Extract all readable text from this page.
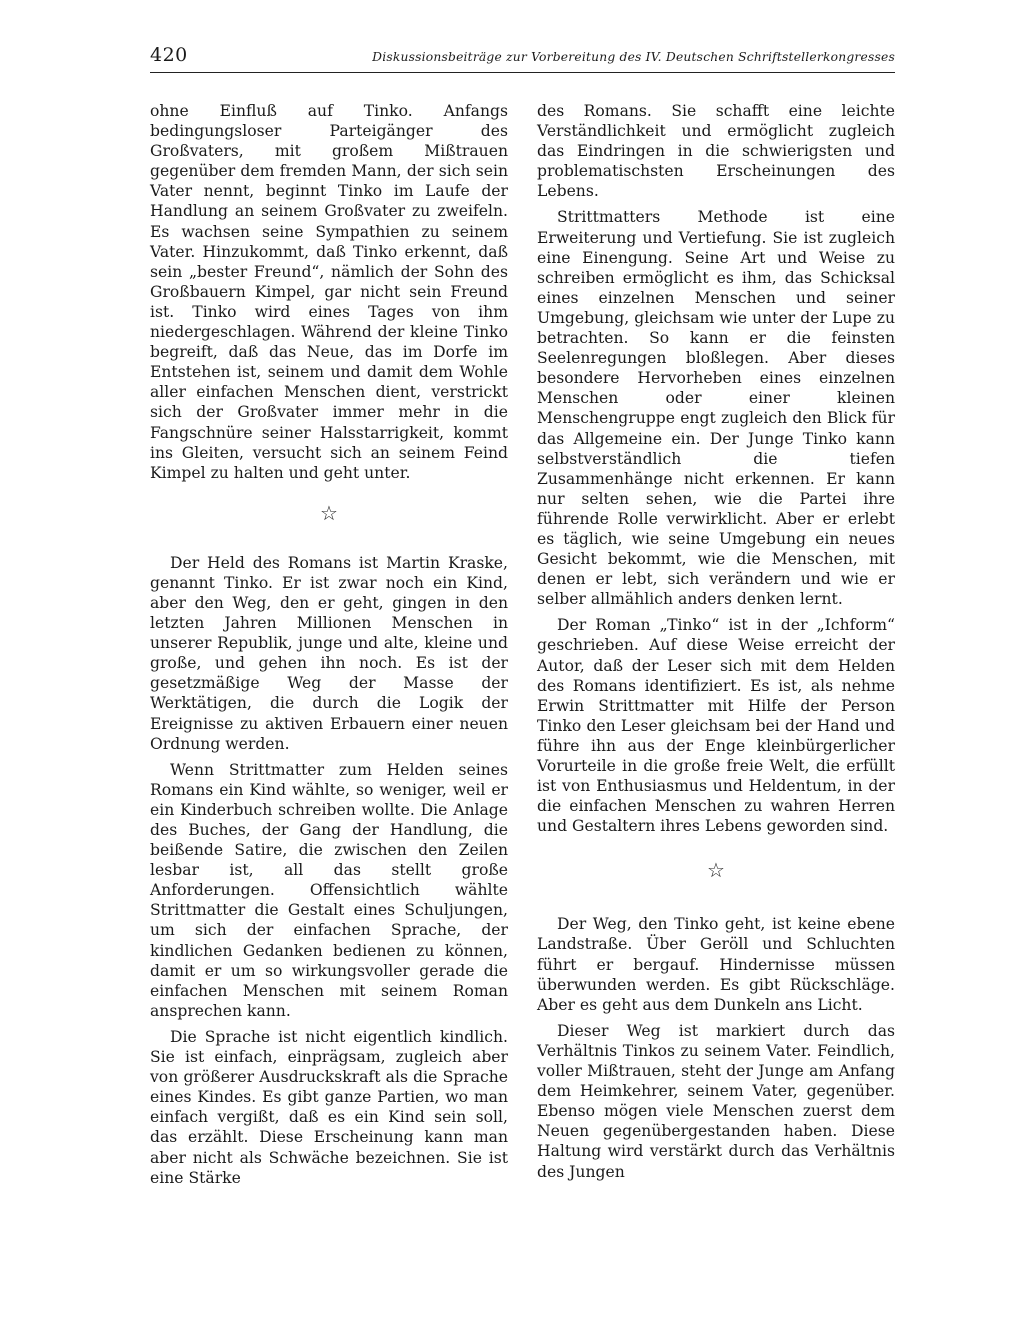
420	Diskussionsbeiträge zur Vorbereitung des IV. Deutschen Schriftstellerkongresses

ohne Einfluß auf Tinko. Anfangs bedingungsloser Parteigänger des Großvaters, mit großem Mißtrauen gegenüber dem fremden Mann, der sich sein Vater nennt, beginnt Tinko im Laufe der Handlung an seinem Großvater zu zweifeln. Es wachsen seine Sympathien zu seinem Vater. Hinzukommt, daß Tinko erkennt, daß sein „bester Freund“, nämlich der Sohn des Großbauern Kimpel, gar nicht sein Freund ist. Tinko wird eines Tages von ihm niedergeschlagen. Während der kleine Tinko begreift, daß das Neue, das im Dorfe im Entstehen ist, seinem und damit dem Wohle aller einfachen Menschen dient, verstrickt sich der Großvater immer mehr in die Fangschnüre seiner Halsstarrigkeit, kommt ins Gleiten, versucht sich an seinem Feind Kimpel zu halten und geht unter.

☆

Der Held des Romans ist Martin Kraske, genannt Tinko. Er ist zwar noch ein Kind, aber den Weg, den er geht, gingen in den letzten Jahren Millionen Menschen in unserer Republik, junge und alte, kleine und große, und gehen ihn noch. Es ist der gesetzmäßige Weg der Masse der Werktätigen, die durch die Logik der Ereignisse zu aktiven Erbauern einer neuen Ordnung werden.

Wenn Strittmatter zum Helden seines Romans ein Kind wählte, so weniger, weil er ein Kinderbuch schreiben wollte. Die Anlage des Buches, der Gang der Handlung, die beißende Satire, die zwischen den Zeilen lesbar ist, all das stellt große Anforderungen. Offensichtlich wählte Strittmatter die Gestalt eines Schuljungen, um sich der einfachen Sprache, der kindlichen Gedanken bedienen zu können, damit er um so wirkungsvoller gerade die einfachen Menschen mit seinem Roman ansprechen kann.

Die Sprache ist nicht eigentlich kindlich. Sie ist einfach, einprägsam, zugleich aber von größerer Ausdruckskraft als die Sprache eines Kindes. Es gibt ganze Partien, wo man einfach vergißt, daß es ein Kind sein soll, das erzählt. Diese Erscheinung kann man aber nicht als Schwäche bezeichnen. Sie ist eine Stärke

des Romans. Sie schafft eine leichte Verständlichkeit und ermöglicht zugleich das Eindringen in die schwierigsten und problematischsten Erscheinungen des Lebens.

Strittmatters Methode ist eine Erweiterung und Vertiefung. Sie ist zugleich eine Einengung. Seine Art und Weise zu schreiben ermöglicht es ihm, das Schicksal eines einzelnen Menschen und seiner Umgebung, gleichsam wie unter der Lupe zu betrachten. So kann er die feinsten Seelenregungen bloßlegen. Aber dieses besondere Hervorheben eines einzelnen Menschen oder einer kleinen Menschengruppe engt zugleich den Blick für das Allgemeine ein. Der Junge Tinko kann selbstverständlich die tiefen Zusammenhänge nicht erkennen. Er kann nur selten sehen, wie die Partei ihre führende Rolle verwirklicht. Aber er erlebt es täglich, wie seine Umgebung ein neues Gesicht bekommt, wie die Menschen, mit denen er lebt, sich verändern und wie er selber allmählich anders denken lernt.

Der Roman „Tinko“ ist in der „Ichform“ geschrieben. Auf diese Weise erreicht der Autor, daß der Leser sich mit dem Helden des Romans identifiziert. Es ist, als nehme Erwin Strittmatter mit Hilfe der Person Tinko den Leser gleichsam bei der Hand und führe ihn aus der Enge kleinbürgerlicher Vorurteile in die große freie Welt, die erfüllt ist von Enthusiasmus und Heldentum, in der die einfachen Menschen zu wahren Herren und Gestaltern ihres Lebens geworden sind.

☆

Der Weg, den Tinko geht, ist keine ebene Landstraße. Über Geröll und Schluchten führt er bergauf. Hindernisse müssen überwunden werden. Es gibt Rückschläge. Aber es geht aus dem Dunkeln ans Licht.

Dieser Weg ist markiert durch das Verhältnis Tinkos zu seinem Vater. Feindlich, voller Mißtrauen, steht der Junge am Anfang dem Heimkehrer, seinem Vater, gegenüber. Ebenso mögen viele Menschen zuerst dem Neuen gegenübergestanden haben. Diese Haltung wird verstärkt durch das Verhältnis des Jungen
